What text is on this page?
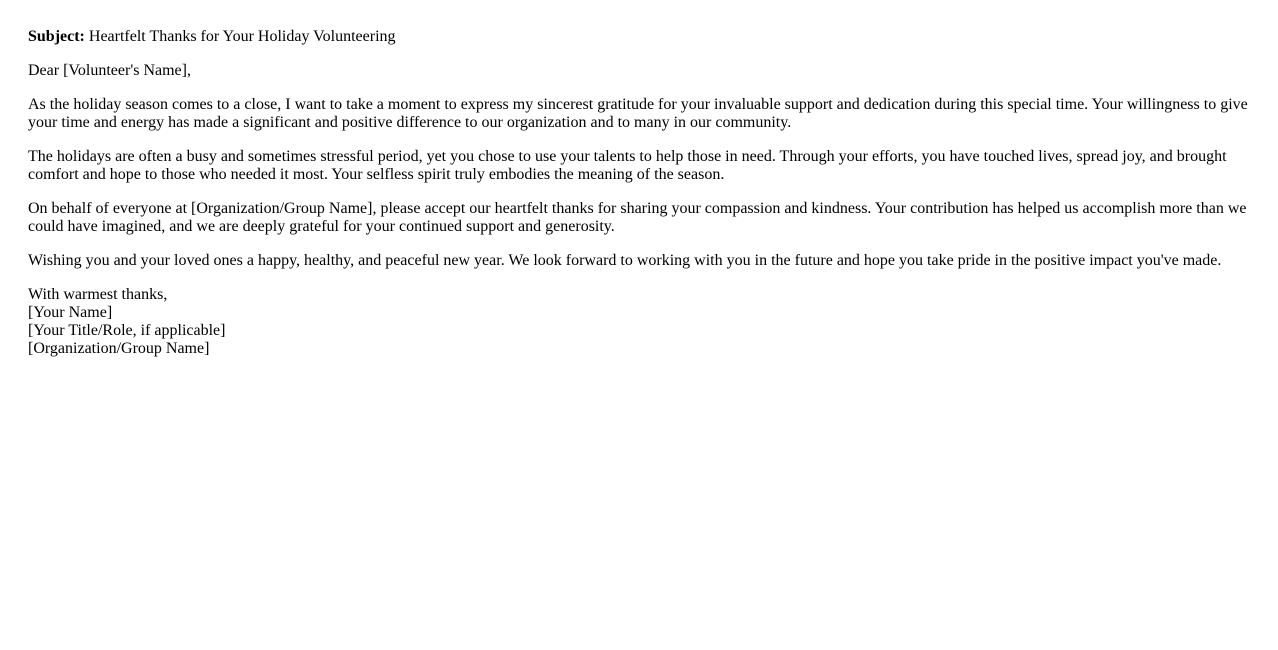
Subject: Heartfelt Thanks for Your Holiday Volunteering

Dear [Volunteer's Name],

As the holiday season comes to a close, I want to take a moment to express my sincerest gratitude for your invaluable support and dedication during this special time. Your willingness to give your time and energy has made a significant and positive difference to our organization and to many in our community.

The holidays are often a busy and sometimes stressful period, yet you chose to use your talents to help those in need. Through your efforts, you have touched lives, spread joy, and brought comfort and hope to those who needed it most. Your selfless spirit truly embodies the meaning of the season.

On behalf of everyone at [Organization/Group Name], please accept our heartfelt thanks for sharing your compassion and kindness. Your contribution has helped us accomplish more than we could have imagined, and we are deeply grateful for your continued support and generosity.

Wishing you and your loved ones a happy, healthy, and peaceful new year. We look forward to working with you in the future and hope you take pride in the positive impact you've made.

With warmest thanks,
[Your Name]
[Your Title/Role, if applicable]
[Organization/Group Name]
